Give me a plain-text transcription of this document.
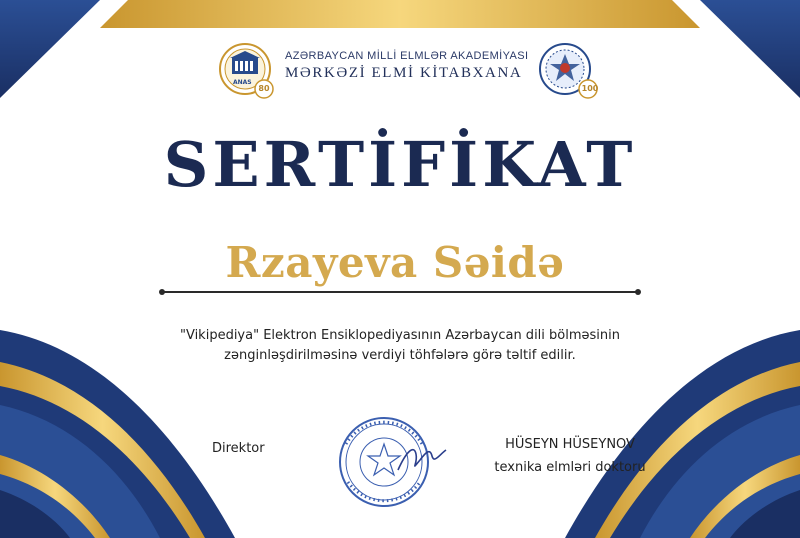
80
ANAS
AZƏRBAYCAN MİLLİ ELMLƏR AKADEMİYASI
MƏRKƏZİ ELMİ KİTABXANA
100
SERTİFİKAT
Rzayeva Səidə
"Vikipediya" Elektron Ensiklopediyasının Azərbaycan dili bölməsinin
zənginləşdirilməsinə verdiyi töhfələrə görə təltif edilir.
Direktor	HÜSEYN HÜSEYNOV
texnika elmləri doktoru
